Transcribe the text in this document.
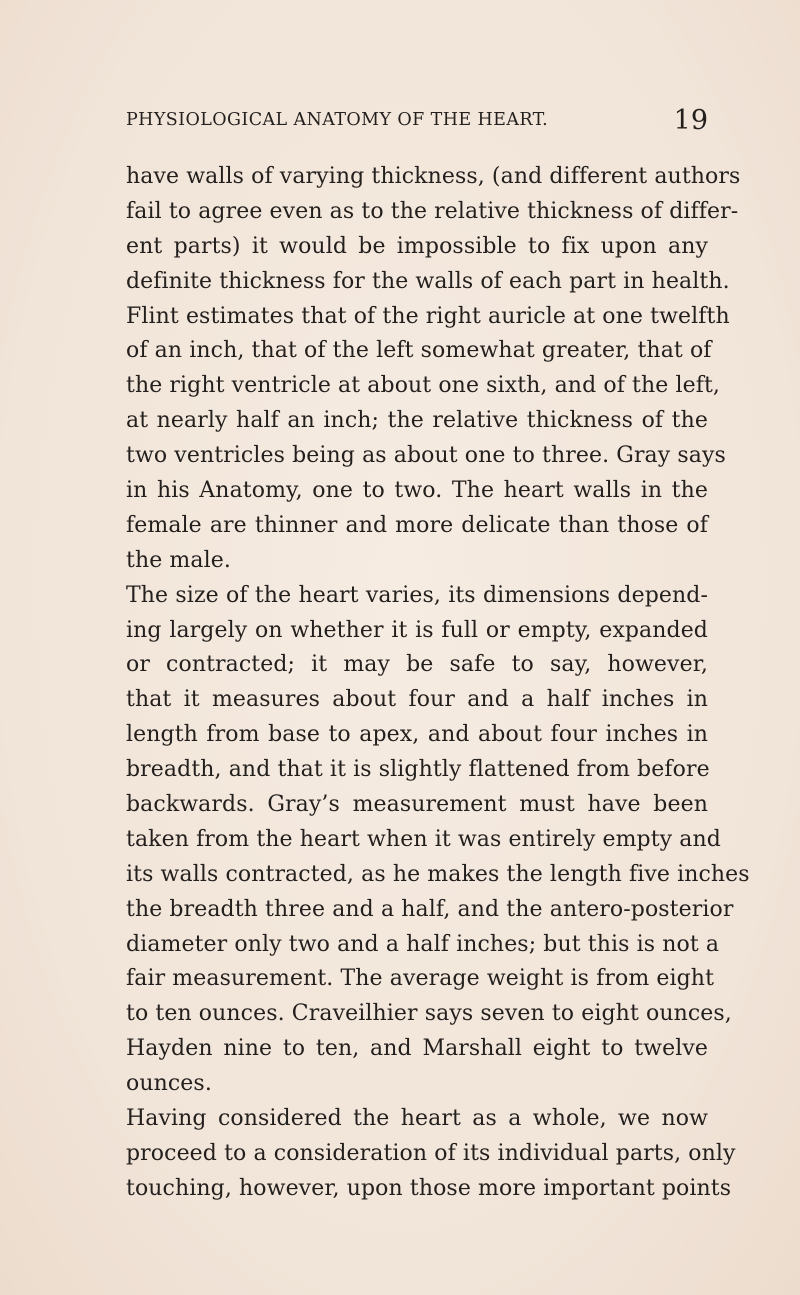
PHYSIOLOGICAL ANATOMY OF THE HEART.	19
have walls of varying thickness, (and different authors
fail to agree even as to the relative thickness of differ-
ent parts) it would be impossible to fix upon any
definite thickness for the walls of each part in health.
Flint estimates that of the right auricle at one twelfth
of an inch, that of the left somewhat greater, that of
the right ventricle at about one sixth, and of the left,
at nearly half an inch; the relative thickness of the
two ventricles being as about one to three. Gray says
in his Anatomy, one to two. The heart walls in the
female are thinner and more delicate than those of
the male.
The size of the heart varies, its dimensions depend-
ing largely on whether it is full or empty, expanded
or contracted; it may be safe to say, however,
that it measures about four and a half inches in
length from base to apex, and about four inches in
breadth, and that it is slightly flattened from before
backwards. Gray’s measurement must have been
taken from the heart when it was entirely empty and
its walls contracted, as he makes the length five inches
the breadth three and a half, and the antero-posterior
diameter only two and a half inches; but this is not a
fair measurement. The average weight is from eight
to ten ounces. Craveilhier says seven to eight ounces,
Hayden nine to ten, and Marshall eight to twelve
ounces.
Having considered the heart as a whole, we now
proceed to a consideration of its individual parts, only
touching, however, upon those more important points
